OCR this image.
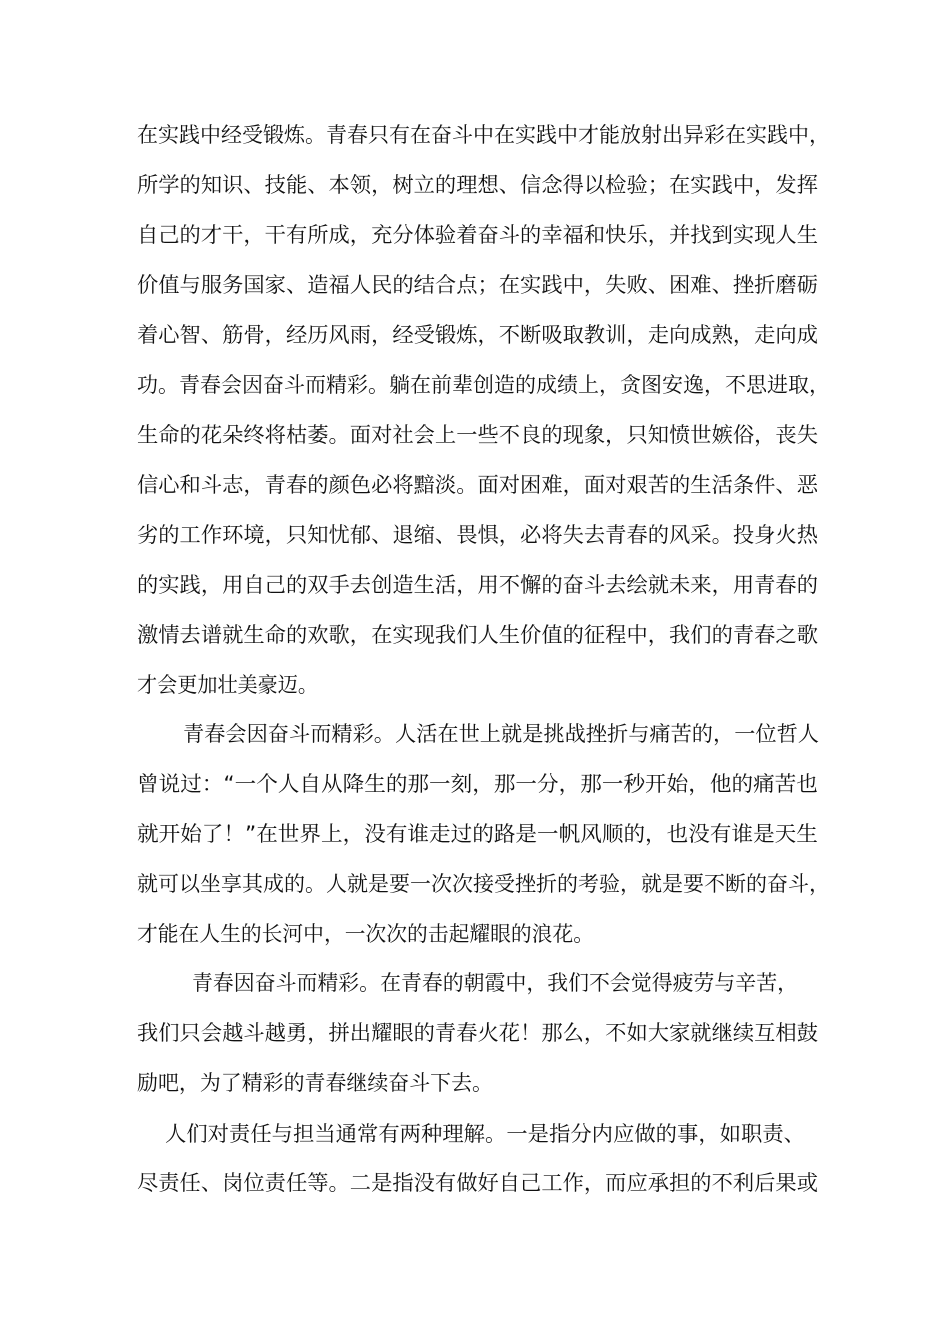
在实践中经受锻炼。青春只有在奋斗中在实践中才能放射出异彩在实践中，

所学的知识、技能、本领，树立的理想、信念得以检验；在实践中，发挥

自己的才干，干有所成，充分体验着奋斗的幸福和快乐，并找到实现人生

价值与服务国家、造福人民的结合点；在实践中，失败、困难、挫折磨砺

着心智、筋骨，经历风雨，经受锻炼，不断吸取教训，走向成熟，走向成

功。青春会因奋斗而精彩。躺在前辈创造的成绩上，贪图安逸，不思进取，

生命的花朵终将枯萎。面对社会上一些不良的现象，只知愤世嫉俗，丧失

信心和斗志，青春的颜色必将黯淡。面对困难，面对艰苦的生活条件、恶

劣的工作环境，只知忧郁、退缩、畏惧，必将失去青春的风采。投身火热

的实践，用自己的双手去创造生活，用不懈的奋斗去绘就未来，用青春的

激情去谱就生命的欢歌，在实现我们人生价值的征程中，我们的青春之歌

才会更加壮美豪迈。

青春会因奋斗而精彩。人活在世上就是挑战挫折与痛苦的，一位哲人

曾说过：“一个人自从降生的那一刻，那一分，那一秒开始，他的痛苦也

就开始了！”在世界上，没有谁走过的路是一帆风顺的，也没有谁是天生

就可以坐享其成的。人就是要一次次接受挫折的考验，就是要不断的奋斗，

才能在人生的长河中，一次次的击起耀眼的浪花。

青春因奋斗而精彩。在青春的朝霞中，我们不会觉得疲劳与辛苦，

我们只会越斗越勇，拼出耀眼的青春火花！那么，不如大家就继续互相鼓

励吧，为了精彩的青春继续奋斗下去。

人们对责任与担当通常有两种理解。一是指分内应做的事，如职责、

尽责任、岗位责任等。二是指没有做好自己工作，而应承担的不利后果或
